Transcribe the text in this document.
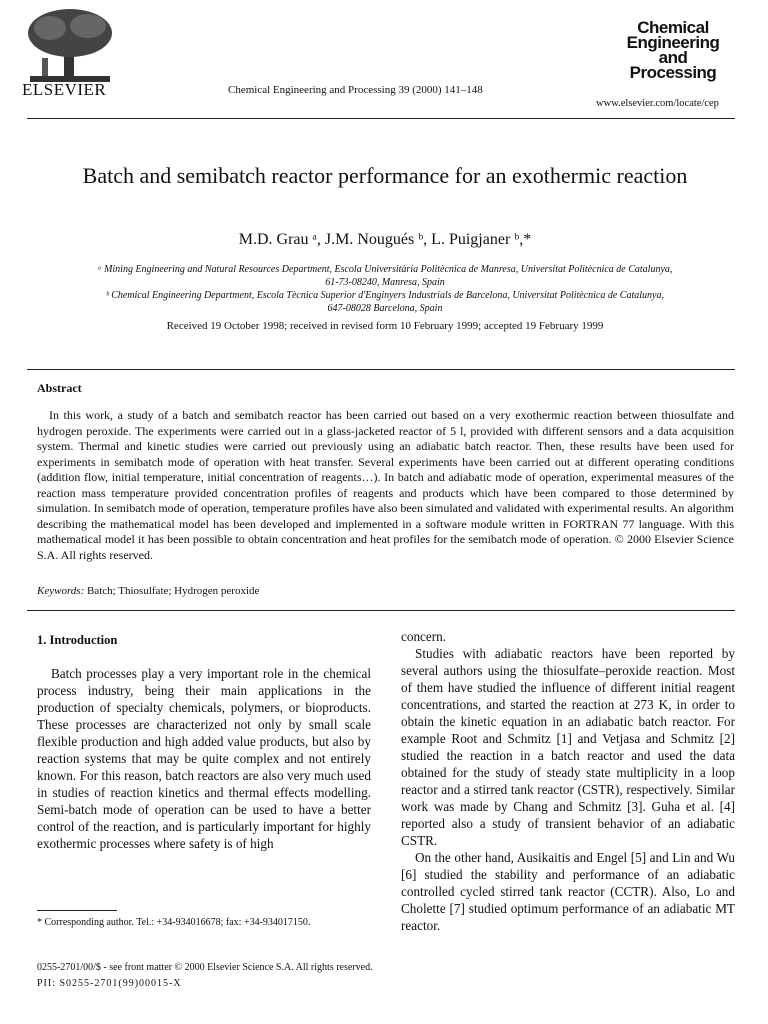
ELSEVIER	Chemical Engineering and Processing 39 (2000) 141–148
Chemical
Engineering
and
Processing
www.elsevier.com/locate/cep
Batch and semibatch reactor performance for an exothermic reaction
M.D. Grau ᵃ, J.M. Nougués ᵇ, L. Puigjaner ᵇ,*
ᵃ Mining Engineering and Natural Resources Department, Escola Universitària Politècnica de Manresa, Universitat Politècnica de Catalunya,
61-73-08240, Manresa, Spain
ᵇ Chemical Engineering Department, Escola Tècnica Superior d'Enginyers Industrials de Barcelona, Universitat Politècnica de Catalunya,
647-08028 Barcelona, Spain
Received 19 October 1998; received in revised form 10 February 1999; accepted 19 February 1999
Abstract

In this work, a study of a batch and semibatch reactor has been carried out based on a very exothermic reaction between thiosulfate and hydrogen peroxide. The experiments were carried out in a glass-jacketed reactor of 5 l, provided with different sensors and a data acquisition system. Thermal and kinetic studies were carried out previously using an adiabatic batch reactor. Then, these results have been used for experiments in semibatch mode of operation with heat transfer. Several experiments have been carried out at different operating conditions (addition flow, initial temperature, initial concentration of reagents…). In batch and adiabatic mode of operation, experimental measures of the reaction mass temperature provided concentration profiles of reagents and products which have been compared to those determined by simulation. In semibatch mode of operation, temperature profiles have also been simulated and validated with experimental results. An algorithm describing the mathematical model has been developed and implemented in a software module written in FORTRAN 77 language. With this mathematical model it has been possible to obtain concentration and heat profiles for the semibatch mode of operation. © 2000 Elsevier Science S.A. All rights reserved.

Keywords: Batch; Thiosulfate; Hydrogen peroxide
1. Introduction

Batch processes play a very important role in the chemical process industry, being their main applications in the production of specialty chemicals, polymers, or bioproducts. These processes are characterized not only by small scale flexible production and high added value products, but also by reaction systems that may be quite complex and not entirely known. For this reason, batch reactors are also very much used in studies of reaction kinetics and thermal effects modelling. Semi-batch mode of operation can be used to have a better control of the reaction, and is particularly important for highly exothermic processes where safety is of high

concern.

Studies with adiabatic reactors have been reported by several authors using the thiosulfate–peroxide reaction. Most of them have studied the influence of different initial reagent concentrations, and started the reaction at 273 K, in order to obtain the kinetic equation in an adiabatic batch reactor. For example Root and Schmitz [1] and Vetjasa and Schmitz [2] studied the reaction in a batch reactor and used the data obtained for the study of steady state multiplicity in a loop reactor and a stirred tank reactor (CSTR), respectively. Similar work was made by Chang and Schmitz [3]. Guha et al. [4] reported also a study of transient behavior of an adiabatic CSTR.

On the other hand, Ausikaitis and Engel [5] and Lin and Wu [6] studied the stability and performance of an adiabatic controlled cycled stirred tank reactor (CCTR). Also, Lo and Cholette [7] studied optimum performance of an adiabatic MT reactor.

* Corresponding author. Tel.: +34-934016678; fax: +34-934017150.
0255-2701/00/$ - see front matter © 2000 Elsevier Science S.A. All rights reserved.
PII: S0255-2701(99)00015-X
